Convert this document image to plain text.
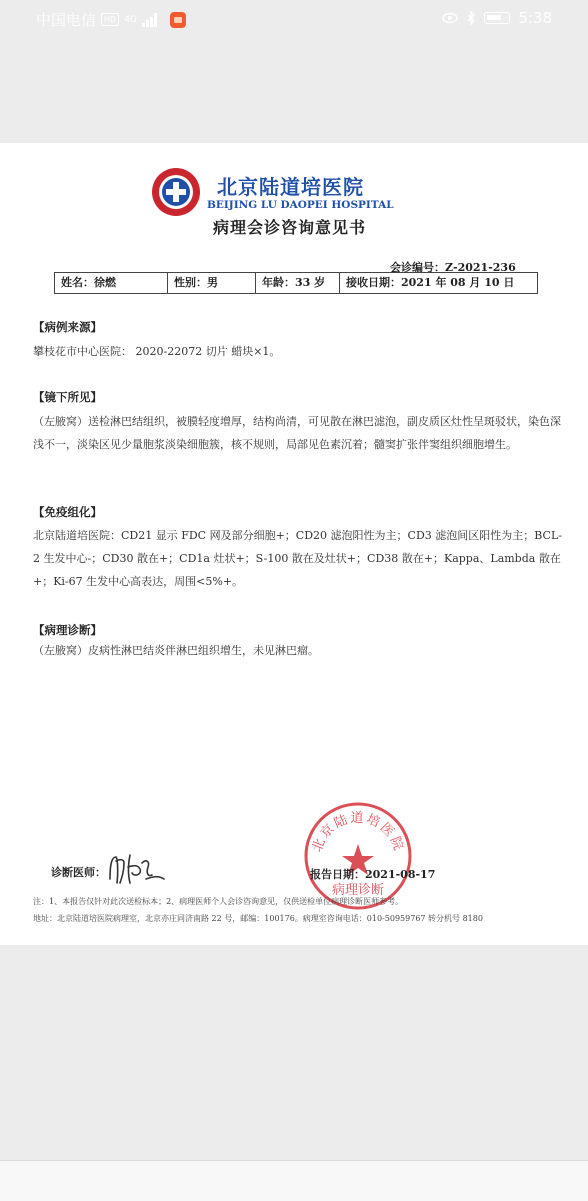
中国电信	HD 4G	5:38
北京陆道培医院
BEIJING LU DAOPEI HOSPITAL
病理会诊咨询意见书
会诊编号：Z-2021-236
姓名：徐燃	性别：男	年龄：33 岁	接收日期：2021 年 08 月 10 日
【病例来源】
攀枝花市中心医院： 2020-22072 切片 蜡块×1。
【镜下所见】
（左腋窝）送检淋巴结组织，被膜轻度增厚，结构尚清，可见散在淋巴滤泡，副皮质区灶性呈斑驳状，染色深浅不一，淡染区见少量胞浆淡染细胞簇，核不规则，局部见色素沉着；髓窦扩张伴窦组织细胞增生。
【免疫组化】
北京陆道培医院：CD21 显示 FDC 网及部分细胞+；CD20 滤泡阳性为主；CD3 滤泡间区阳性为主；BCL-2 生发中心-；CD30 散在+；CD1a 灶状+；S-100 散在及灶状+；CD38 散在+；Kappa、Lambda 散在+；Ki-67 生发中心高表达，周围<5%+。
【病理诊断】
（左腋窝）皮病性淋巴结炎伴淋巴组织增生，未见淋巴瘤。
诊断医师：
北京陆道培医院
病理诊断
报告日期：2021-08-17
注：1、本报告仅针对此次送检标本；2、病理医师个人会诊咨询意见，仅供送检单位病理诊断医师参考。
地址：北京陆道培医院病理室，北京亦庄同济南路 22 号，邮编：100176。病理室咨询电话：010-50959767 转分机号 8180
